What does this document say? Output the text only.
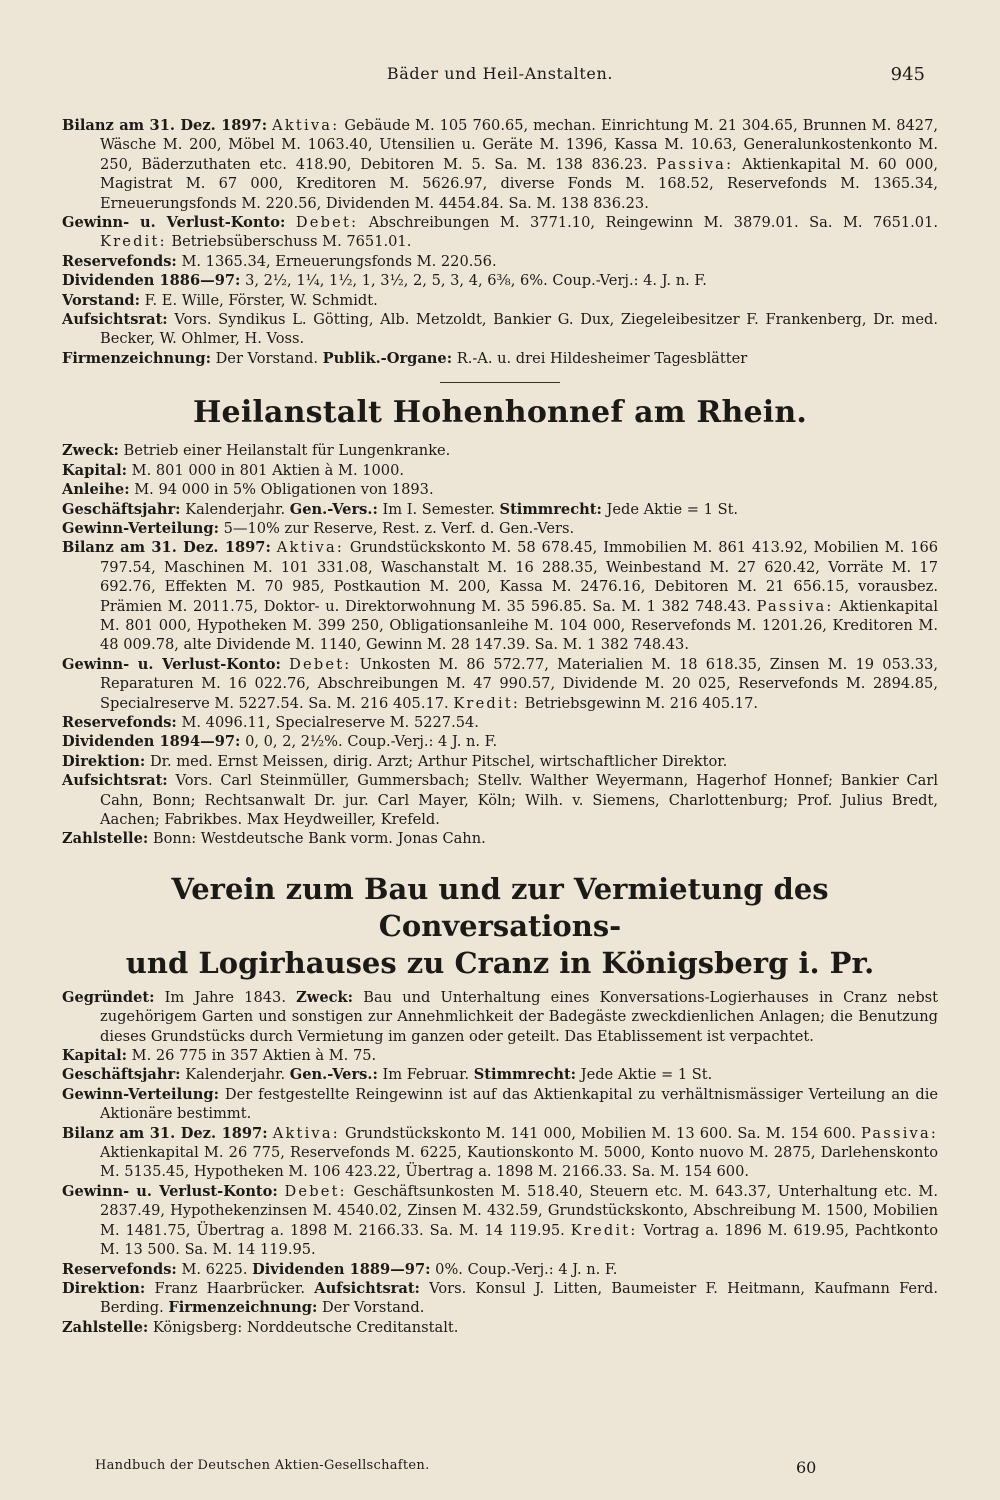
Bäder und Heil-Anstalten.	945

Bilanz am 31. Dez. 1897: Aktiva: Gebäude M. 105 760.65, mechan. Einrichtung M. 21 304.65, Brunnen M. 8427, Wäsche M. 200, Möbel M. 1063.40, Utensilien u. Geräte M. 1396, Kassa M. 10.63, Generalunkostenkonto M. 250, Bäderzuthaten etc. 418.90, Debitoren M. 5. Sa. M. 138 836.23. Passiva: Aktienkapital M. 60 000, Magistrat M. 67 000, Kreditoren M. 5626.97, diverse Fonds M. 168.52, Reservefonds M. 1365.34, Erneuerungsfonds M. 220.56, Dividenden M. 4454.84. Sa. M. 138 836.23.

Gewinn- u. Verlust-Konto: Debet: Abschreibungen M. 3771.10, Reingewinn M. 3879.01. Sa. M. 7651.01. Kredit: Betriebsüberschuss M. 7651.01.

Reservefonds: M. 1365.34, Erneuerungsfonds M. 220.56.

Dividenden 1886—97: 3, 2½, 1¼, 1½, 1, 3½, 2, 5, 3, 4, 6⅜, 6%. Coup.-Verj.: 4. J. n. F.

Vorstand: F. E. Wille, Förster, W. Schmidt.

Aufsichtsrat: Vors. Syndikus L. Götting, Alb. Metzoldt, Bankier G. Dux, Ziegeleibesitzer F. Frankenberg, Dr. med. Becker, W. Ohlmer, H. Voss.

Firmenzeichnung: Der Vorstand. Publik.-Organe: R.-A. u. drei Hildesheimer Tagesblätter

Heilanstalt Hohenhonnef am Rhein.

Zweck: Betrieb einer Heilanstalt für Lungenkranke.

Kapital: M. 801 000 in 801 Aktien à M. 1000.

Anleihe: M. 94 000 in 5% Obligationen von 1893.

Geschäftsjahr: Kalenderjahr. Gen.-Vers.: Im I. Semester. Stimmrecht: Jede Aktie = 1 St.

Gewinn-Verteilung: 5—10% zur Reserve, Rest. z. Verf. d. Gen.-Vers.

Bilanz am 31. Dez. 1897: Aktiva: Grundstückskonto M. 58 678.45, Immobilien M. 861 413.92, Mobilien M. 166 797.54, Maschinen M. 101 331.08, Waschanstalt M. 16 288.35, Weinbestand M. 27 620.42, Vorräte M. 17 692.76, Effekten M. 70 985, Postkaution M. 200, Kassa M. 2476.16, Debitoren M. 21 656.15, vorausbez. Prämien M. 2011.75, Doktor- u. Direktorwohnung M. 35 596.85. Sa. M. 1 382 748.43. Passiva: Aktienkapital M. 801 000, Hypotheken M. 399 250, Obligationsanleihe M. 104 000, Reservefonds M. 1201.26, Kreditoren M. 48 009.78, alte Dividende M. 1140, Gewinn M. 28 147.39. Sa. M. 1 382 748.43.

Gewinn- u. Verlust-Konto: Debet: Unkosten M. 86 572.77, Materialien M. 18 618.35, Zinsen M. 19 053.33, Reparaturen M. 16 022.76, Abschreibungen M. 47 990.57, Dividende M. 20 025, Reservefonds M. 2894.85, Specialreserve M. 5227.54. Sa. M. 216 405.17. Kredit: Betriebsgewinn M. 216 405.17.

Reservefonds: M. 4096.11, Specialreserve M. 5227.54.

Dividenden 1894—97: 0, 0, 2, 2½%. Coup.-Verj.: 4 J. n. F.

Direktion: Dr. med. Ernst Meissen, dirig. Arzt; Arthur Pitschel, wirtschaftlicher Direktor.

Aufsichtsrat: Vors. Carl Steinmüller, Gummersbach; Stellv. Walther Weyermann, Hagerhof Honnef; Bankier Carl Cahn, Bonn; Rechtsanwalt Dr. jur. Carl Mayer, Köln; Wilh. v. Siemens, Charlottenburg; Prof. Julius Bredt, Aachen; Fabrikbes. Max Heydweiller, Krefeld.

Zahlstelle: Bonn: Westdeutsche Bank vorm. Jonas Cahn.

Verein zum Bau und zur Vermietung des Conversations-
und Logirhauses zu Cranz in Königsberg i. Pr.

Gegründet: Im Jahre 1843. Zweck: Bau und Unterhaltung eines Konversations-Logierhauses in Cranz nebst zugehörigem Garten und sonstigen zur Annehmlichkeit der Badegäste zweckdienlichen Anlagen; die Benutzung dieses Grundstücks durch Vermietung im ganzen oder geteilt. Das Etablissement ist verpachtet.

Kapital: M. 26 775 in 357 Aktien à M. 75.

Geschäftsjahr: Kalenderjahr. Gen.-Vers.: Im Februar. Stimmrecht: Jede Aktie = 1 St.

Gewinn-Verteilung: Der festgestellte Reingewinn ist auf das Aktienkapital zu verhältnismässiger Verteilung an die Aktionäre bestimmt.

Bilanz am 31. Dez. 1897: Aktiva: Grundstückskonto M. 141 000, Mobilien M. 13 600. Sa. M. 154 600. Passiva: Aktienkapital M. 26 775, Reservefonds M. 6225, Kautionskonto M. 5000, Konto nuovo M. 2875, Darlehenskonto M. 5135.45, Hypotheken M. 106 423.22, Übertrag a. 1898 M. 2166.33. Sa. M. 154 600.

Gewinn- u. Verlust-Konto: Debet: Geschäftsunkosten M. 518.40, Steuern etc. M. 643.37, Unterhaltung etc. M. 2837.49, Hypothekenzinsen M. 4540.02, Zinsen M. 432.59, Grundstückskonto, Abschreibung M. 1500, Mobilien M. 1481.75, Übertrag a. 1898 M. 2166.33. Sa. M. 14 119.95. Kredit: Vortrag a. 1896 M. 619.95, Pachtkonto M. 13 500. Sa. M. 14 119.95.

Reservefonds: M. 6225. Dividenden 1889—97: 0%. Coup.-Verj.: 4 J. n. F.

Direktion: Franz Haarbrücker. Aufsichtsrat: Vors. Konsul J. Litten, Baumeister F. Heitmann, Kaufmann Ferd. Berding. Firmenzeichnung: Der Vorstand.

Zahlstelle: Königsberg: Norddeutsche Creditanstalt.

Handbuch der Deutschen Aktien-Gesellschaften.	60
